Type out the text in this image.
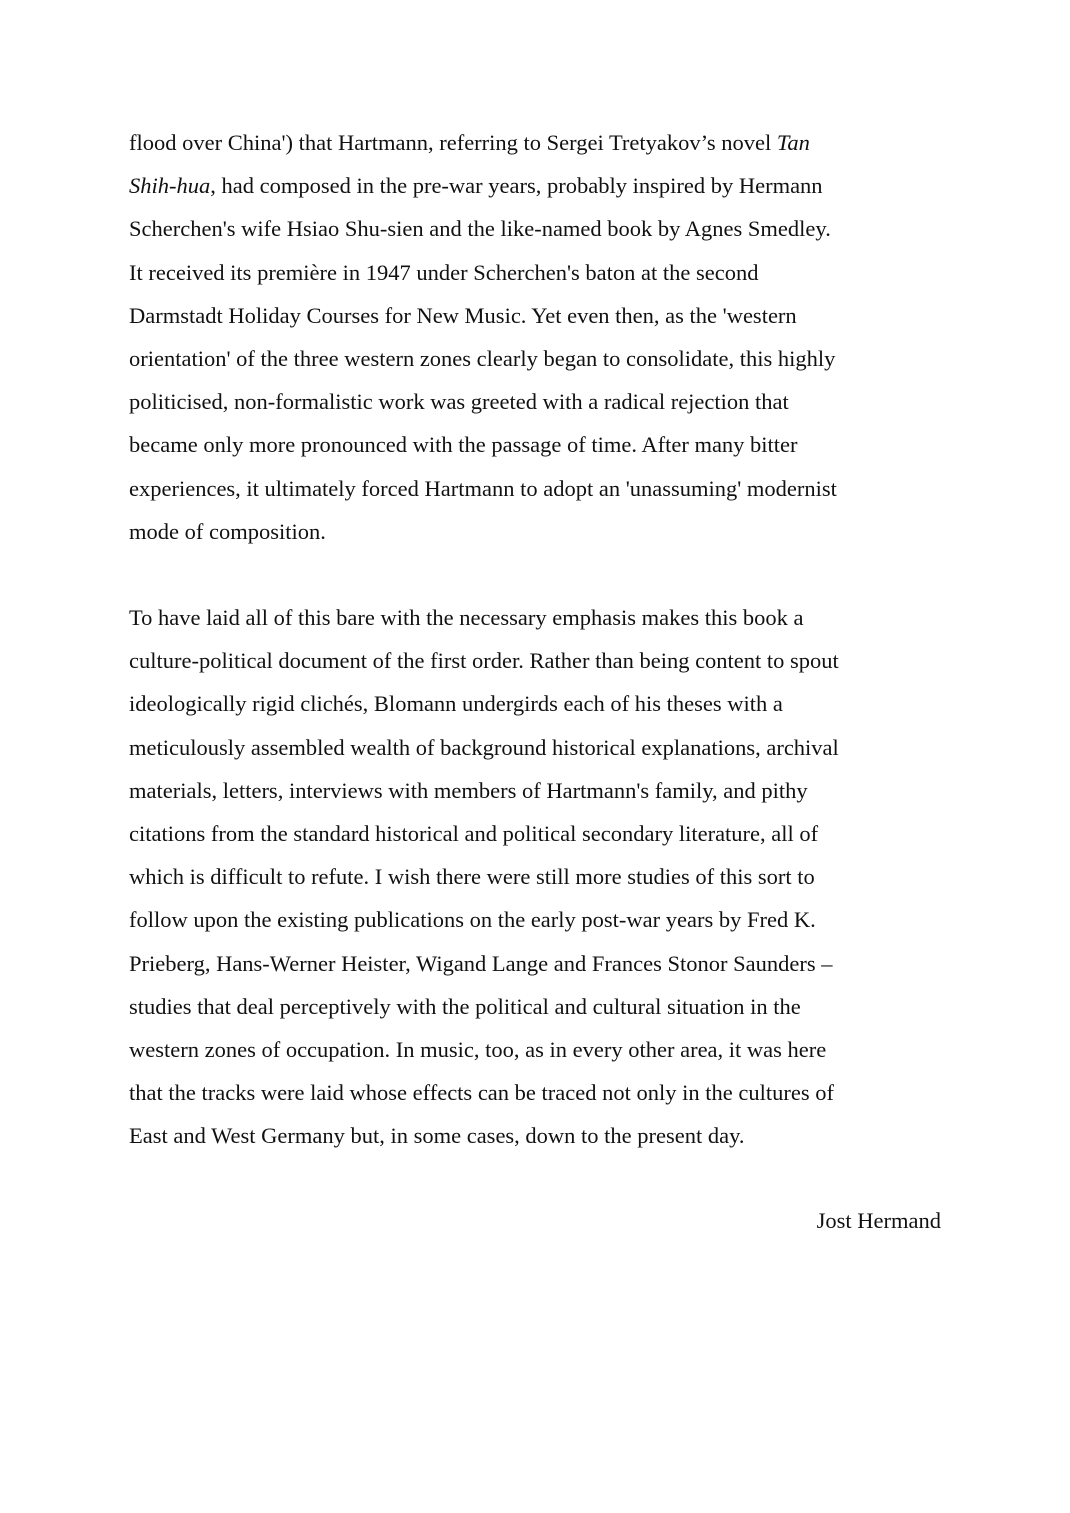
flood over China') that Hartmann, referring to Sergei Tretyakov’s novel Tan
Shih-hua, had composed in the pre-war years, probably inspired by Hermann
Scherchen's wife Hsiao Shu-sien and the like-named book by Agnes Smedley.
It received its première in 1947 under Scherchen's baton at the second
Darmstadt Holiday Courses for New Music. Yet even then, as the 'western
orientation' of the three western zones clearly began to consolidate, this highly
politicised, non-formalistic work was greeted with a radical rejection that
became only more pronounced with the passage of time. After many bitter
experiences, it ultimately forced Hartmann to adopt an 'unassuming' modernist
mode of composition.
To have laid all of this bare with the necessary emphasis makes this book a
culture-political document of the first order. Rather than being content to spout
ideologically rigid clichés, Blomann undergirds each of his theses with a
meticulously assembled wealth of background historical explanations, archival
materials, letters, interviews with members of Hartmann's family, and pithy
citations from the standard historical and political secondary literature, all of
which is difficult to refute. I wish there were still more studies of this sort to
follow upon the existing publications on the early post-war years by Fred K.
Prieberg, Hans-Werner Heister, Wigand Lange and Frances Stonor Saunders –
studies that deal perceptively with the political and cultural situation in the
western zones of occupation. In music, too, as in every other area, it was here
that the tracks were laid whose effects can be traced not only in the cultures of
East and West Germany but, in some cases, down to the present day.
Jost Hermand
